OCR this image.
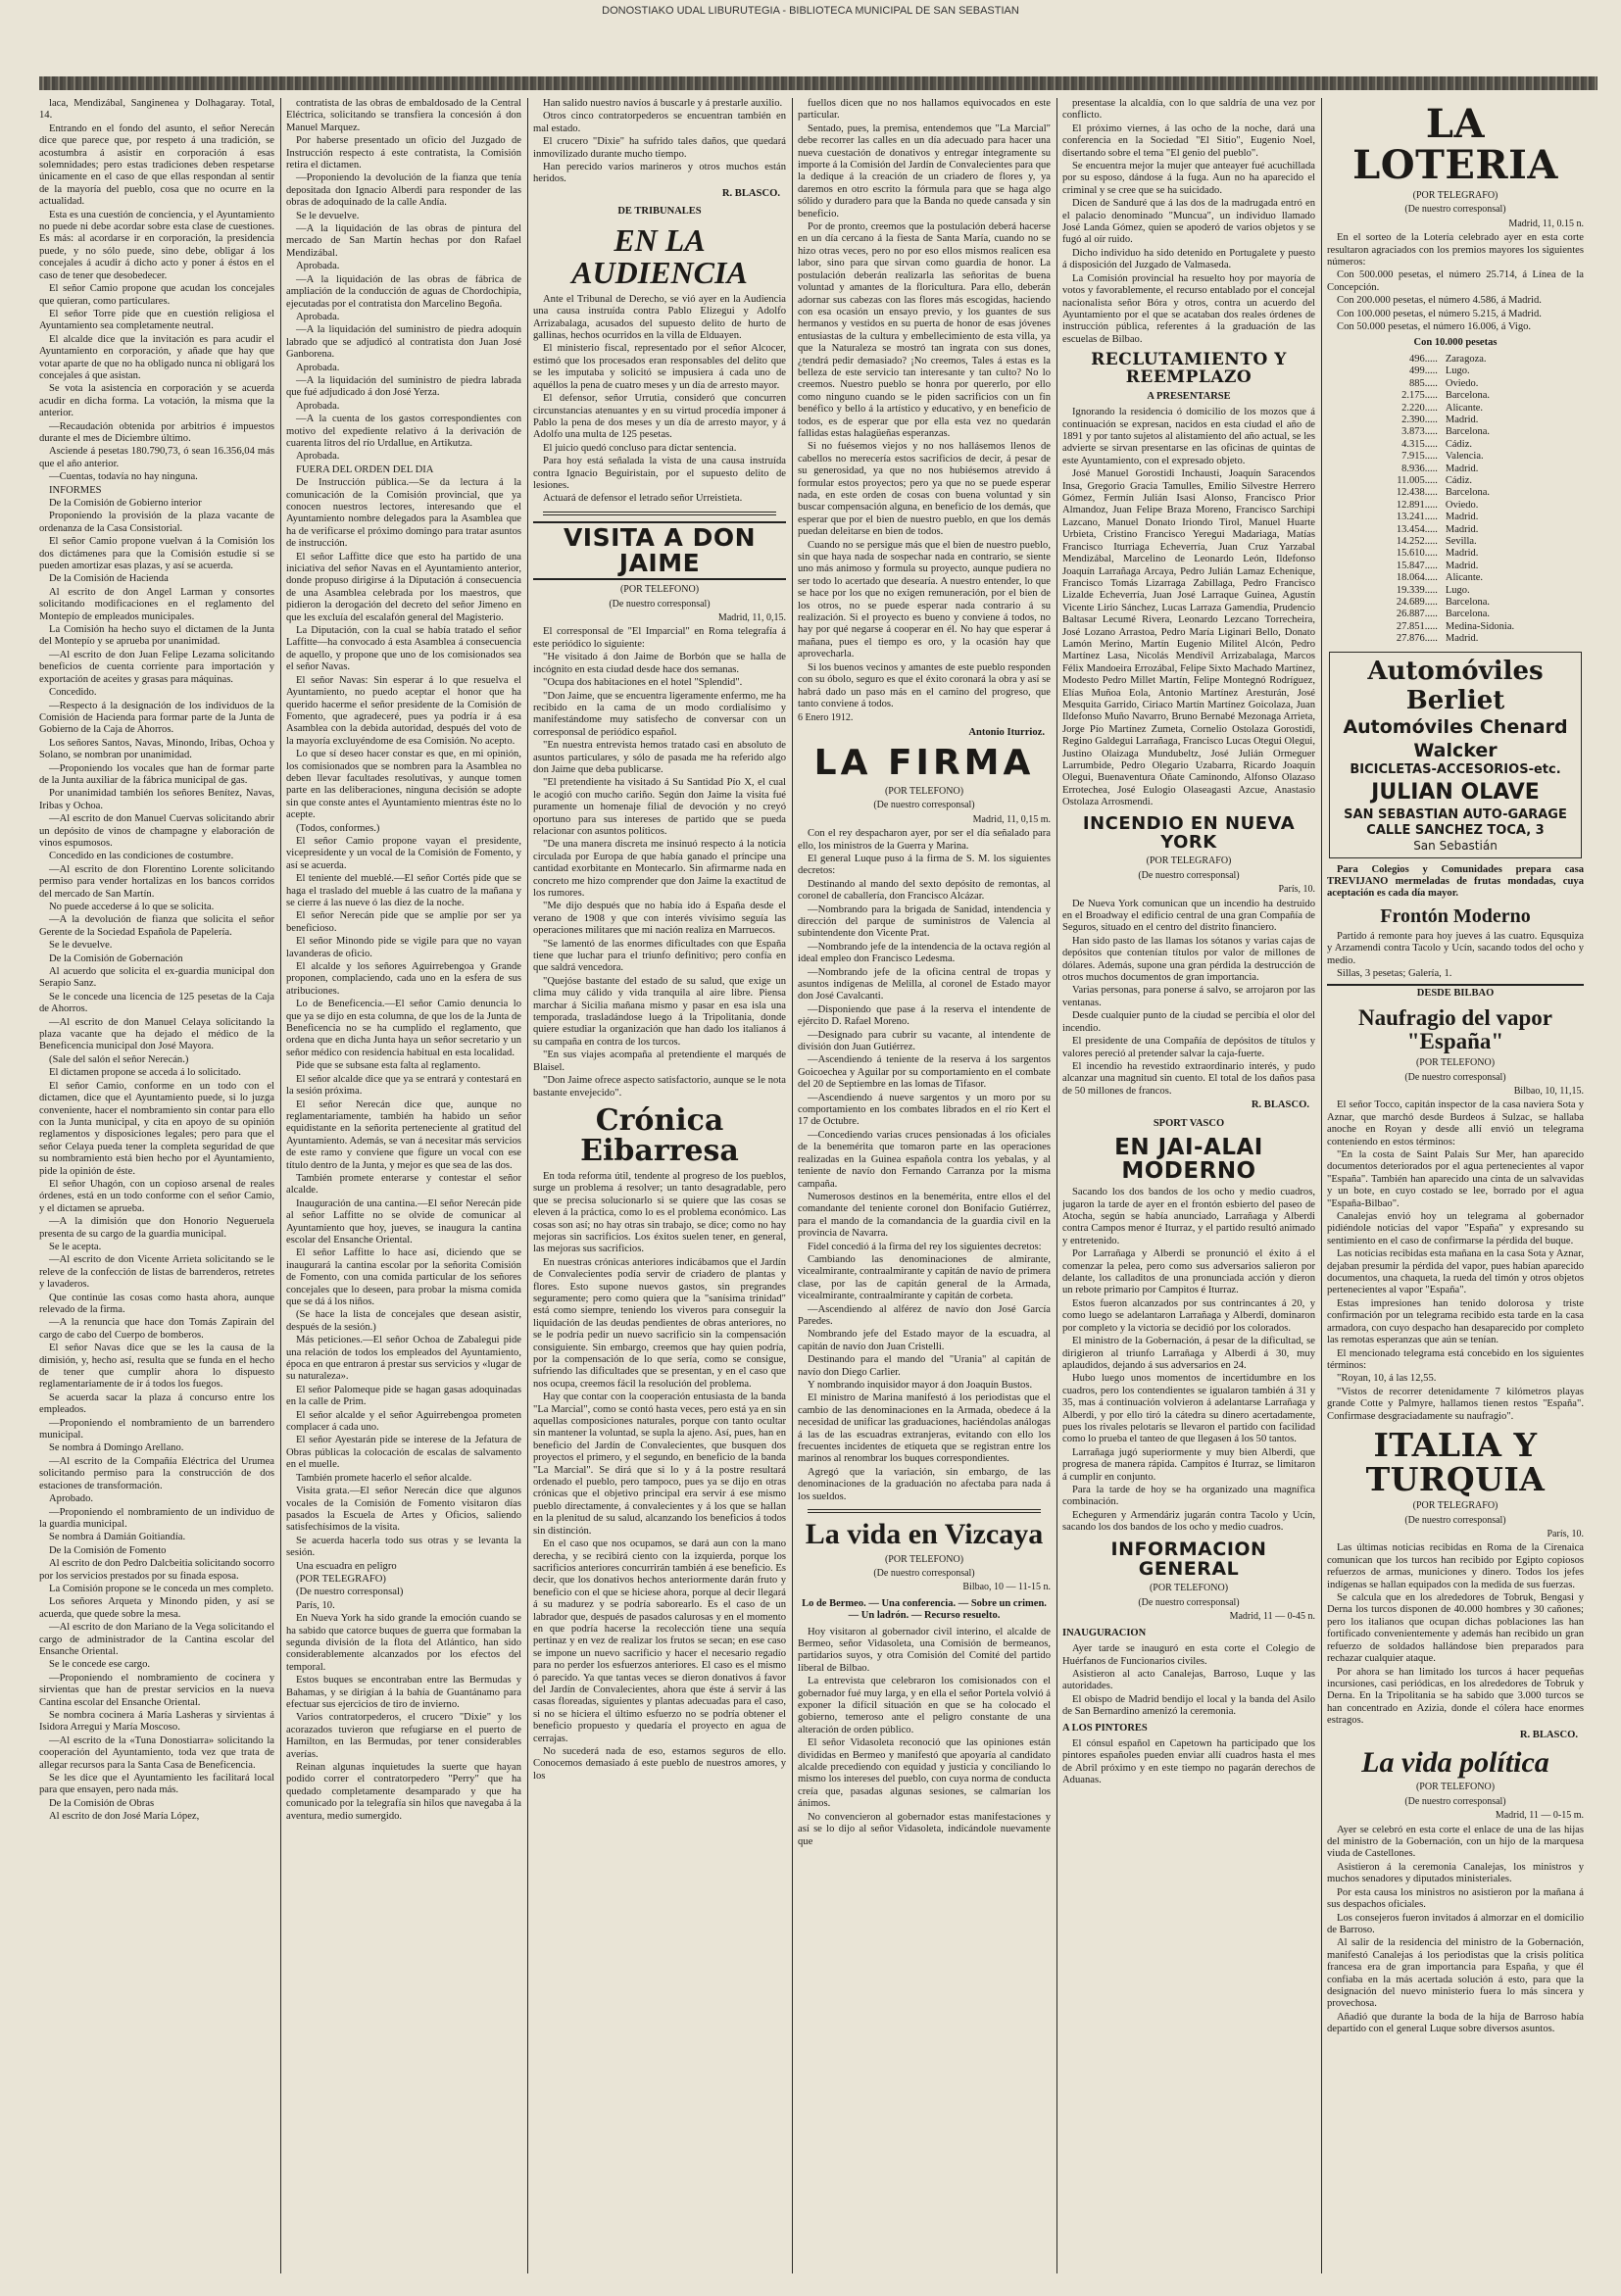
DONOSTIAKO UDAL LIBURUTEGIA - BIBLIOTECA MUNICIPAL DE SAN SEBASTIAN

laca, Mendizábal, Sanginenea y Dolhagaray. Total, 14.

Entrando en el fondo del asunto, el señor Nerecán dice que parece que, por respeto á una tradición, se acostumbra á asistir en corporación á esas solemnidades; pero estas tradiciones deben respetarse únicamente en el caso de que ellas respondan al sentir de la mayoría del pueblo, cosa que no ocurre en la actualidad.

Esta es una cuestión de conciencia, y el Ayuntamiento no puede ni debe acordar sobre esta clase de cuestiones. Es más: al acordarse ir en corporación, la presidencia puede, y no sólo puede, sino debe, obligar á los concejales á acudir á dicho acto y poner á éstos en el caso de tener que desobedecer.

El señor Camio propone que acudan los concejales que quieran, como particulares.

El señor Torre pide que en cuestión religiosa el Ayuntamiento sea completamente neutral.

El alcalde dice que la invitación es para acudir el Ayuntamiento en corporación, y añade que hay que votar aparte de que no ha obligado nunca ni obligará los concejales á que asistan.

Se vota la asistencia en corporación y se acuerda acudir en dicha forma. La votación, la misma que la anterior.

—Recaudación obtenida por arbitrios é impuestos durante el mes de Diciembre último.

Asciende á pesetas 180.790,73, ó sean 16.356,04 más que el año anterior.

—Cuentas, todavía no hay ninguna.

INFORMES

De la Comisión de Gobierno interior

Proponiendo la provisión de la plaza vacante de ordenanza de la Casa Consistorial.

El señor Camio propone vuelvan á la Comisión los dos dictámenes para que la Comisión estudie si se pueden amortizar esas plazas, y así se acuerda.

De la Comisión de Hacienda

Al escrito de don Angel Larman y consortes solicitando modificaciones en el reglamento del Montepío de empleados municipales.

La Comisión ha hecho suyo el dictamen de la Junta del Montepío y se aprueba por unanimidad.

—Al escrito de don Juan Felipe Lezama solicitando beneficios de cuenta corriente para importación y exportación de aceites y grasas para máquinas.

Concedido.

—Respecto á la designación de los individuos de la Comisión de Hacienda para formar parte de la Junta de Gobierno de la Caja de Ahorros.

Los señores Santos, Navas, Minondo, Iribas, Ochoa y Solano, se nombran por unanimidad.

—Proponiendo los vocales que han de formar parte de la Junta auxiliar de la fábrica municipal de gas.

Por unanimidad también los señores Benítez, Navas, Iribas y Ochoa.

—Al escrito de don Manuel Cuervas solicitando abrir un depósito de vinos de champagne y elaboración de vinos espumosos.

Concedido en las condiciones de costumbre.

—Al escrito de don Florentino Lorente solicitando permiso para vender hortalizas en los bancos corridos del mercado de San Martín.

No puede accederse á lo que se solicita.

—A la devolución de fianza que solicita el señor Gerente de la Sociedad Española de Papelería.

Se le devuelve.

De la Comisión de Gobernación

Al acuerdo que solicita el ex-guardia municipal don Serapio Sanz.

Se le concede una licencia de 125 pesetas de la Caja de Ahorros.

—Al escrito de don Manuel Celaya solicitando la plaza vacante que ha dejado el médico de la Beneficencia municipal don José Mayora.

(Sale del salón el señor Nerecán.)

El dictamen propone se acceda á lo solicitado.

El señor Camio, conforme en un todo con el dictamen, dice que el Ayuntamiento puede, si lo juzga conveniente, hacer el nombramiento sin contar para ello con la Junta municipal, y cita en apoyo de su opinión reglamentos y disposiciones legales; pero para que el señor Celaya pueda tener la completa seguridad de que su nombramiento está bien hecho por el Ayuntamiento, pide la opinión de éste.

El señor Uhagón, con un copioso arsenal de reales órdenes, está en un todo conforme con el señor Camio, y el dictamen se aprueba.

—A la dimisión que don Honorio Negueruela presenta de su cargo de la guardia municipal.

Se le acepta.

—Al escrito de don Vicente Arrieta solicitando se le releve de la confección de listas de barrenderos, retretes y lavaderos.

Que continúe las cosas como hasta ahora, aunque relevado de la firma.

—A la renuncia que hace don Tomás Zapirain del cargo de cabo del Cuerpo de bomberos.

El señor Navas dice que se les la causa de la dimisión, y, hecho así, resulta que se funda en el hecho de tener que cumplir ahora lo dispuesto reglamentariamente de ir á todos los fuegos.

Se acuerda sacar la plaza á concurso entre los empleados.

—Proponiendo el nombramiento de un barrendero municipal.

Se nombra á Domingo Arellano.

—Al escrito de la Compañía Eléctrica del Urumea solicitando permiso para la construcción de dos estaciones de transformación.

Aprobado.

—Proponiendo el nombramiento de un individuo de la guardia municipal.

Se nombra á Damián Goitiandía.

De la Comisión de Fomento

Al escrito de don Pedro Dalcbeitia solicitando socorro por los servicios prestados por su finada esposa.

La Comisión propone se le conceda un mes completo.

Los señores Arqueta y Minondo piden, y así se acuerda, que quede sobre la mesa.

—Al escrito de don Mariano de la Vega solicitando el cargo de administrador de la Cantina escolar del Ensanche Oriental.

Se le concede ese cargo.

—Proponiendo el nombramiento de cocinera y sirvientas que han de prestar servicios en la nueva Cantina escolar del Ensanche Oriental.

Se nombra cocinera á María Lasheras y sirvientas á Isidora Arregui y María Moscoso.

—Al escrito de la «Tuna Donostiarra» solicitando la cooperación del Ayuntamiento, toda vez que trata de allegar recursos para la Santa Casa de Beneficencia.

Se les dice que el Ayuntamiento les facilitará local para que ensayen, pero nada más.

De la Comisión de Obras

Al escrito de don José María López,

contratista de las obras de embaldosado de la Central Eléctrica, solicitando se transfiera la concesión á don Manuel Marquez.

Por haberse presentado un oficio del Juzgado de Instrucción respecto á este contratista, la Comisión retira el dictamen.

—Proponiendo la devolución de la fianza que tenía depositada don Ignacio Alberdi para responder de las obras de adoquinado de la calle Andía.

Se le devuelve.

—A la liquidación de las obras de pintura del mercado de San Martín hechas por don Rafael Mendizábal.

Aprobada.

—A la liquidación de las obras de fábrica de ampliación de la conducción de aguas de Chordochipia, ejecutadas por el contratista don Marcelino Begoña.

Aprobada.

—A la liquidación del suministro de piedra adoquín labrado que se adjudicó al contratista don Juan José Ganborena.

Aprobada.

—A la liquidación del suministro de piedra labrada que fué adjudicado á don José Yerza.

Aprobada.

—A la cuenta de los gastos correspondientes con motivo del expediente relativo á la derivación de cuarenta litros del río Urdallue, en Artikutza.

Aprobada.

FUERA DEL ORDEN DEL DIA

De Instrucción pública.—Se da lectura á la comunicación de la Comisión provincial, que ya conocen nuestros lectores, interesando que el Ayuntamiento nombre delegados para la Asamblea que ha de verificarse el próximo domingo para tratar asuntos de instrucción.

El señor Laffitte dice que esto ha partido de una iniciativa del señor Navas en el Ayuntamiento anterior, donde propuso dirigirse á la Diputación á consecuencia de una Asamblea celebrada por los maestros, que pidieron la derogación del decreto del señor Jimeno en que les excluía del escalafón general del Magisterio.

La Diputación, con la cual se había tratado el señor Laffitte—ha convocado á esta Asamblea á consecuencia de aquello, y propone que uno de los comisionados sea el señor Navas.

El señor Navas: Sin esperar á lo que resuelva el Ayuntamiento, no puedo aceptar el honor que ha querido hacerme el señor presidente de la Comisión de Fomento, que agradeceré, pues ya podría ir á esa Asamblea con la debida autoridad, después del voto de la mayoría excluyéndome de esa Comisión. No acepto.

Lo que sí deseo hacer constar es que, en mi opinión, los comisionados que se nombren para la Asamblea no deben llevar facultades resolutivas, y aunque tomen parte en las deliberaciones, ninguna decisión se adopte sin que conste antes el Ayuntamiento mientras éste no lo acepte.

(Todos, conformes.)

El señor Camio propone vayan el presidente, vicepresidente y un vocal de la Comisión de Fomento, y así se acuerda.

El teniente del mueblé.—El señor Cortés pide que se haga el traslado del mueble á las cuatro de la mañana y se cierre á las nueve ó las diez de la noche.

El señor Nerecán pide que se amplíe por ser ya beneficioso.

El señor Minondo pide se vigile para que no vayan lavanderas de oficio.

El alcalde y los señores Aguirrebengoa y Grande proponen, complaciendo, cada uno en la esfera de sus atribuciones.

Lo de Beneficencia.—El señor Camio denuncia lo que ya se dijo en esta columna, de que los de la Junta de Beneficencia no se ha cumplido el reglamento, que ordena que en dicha Junta haya un señor secretario y un señor médico con residencia habitual en esta localidad.

Pide que se subsane esta falta al reglamento.

El señor alcalde dice que ya se entrará y contestará en la sesión próxima.

El señor Nerecán dice que, aunque no reglamentariamente, también ha habido un señor equidistante en la señorita perteneciente al gratitud del Ayuntamiento. Además, se van á necesitar más servicios de este ramo y conviene que figure un vocal con ese título dentro de la Junta, y mejor es que sea de las dos.

También promete enterarse y contestar el señor alcalde.

Inauguración de una cantina.—El señor Nerecán pide al señor Laffitte no se olvide de comunicar al Ayuntamiento que hoy, jueves, se inaugura la cantina escolar del Ensanche Oriental.

El señor Laffitte lo hace así, diciendo que se inaugurará la cantina escolar por la señorita Comisión de Fomento, con una comida particular de los señores concejales que lo deseen, para probar la misma comida que se dá á los niños.

(Se hace la lista de concejales que desean asistir, después de la sesión.)

Más peticiones.—El señor Ochoa de Zabalegui pide una relación de todos los empleados del Ayuntamiento, época en que entraron á prestar sus servicios y «lugar de su naturaleza».

El señor Palomeque pide se hagan gasas adoquinadas en la calle de Prim.

El señor alcalde y el señor Aguirrebengoa prometen complacer á cada uno.

El señor Ayestarán pide se interese de la Jefatura de Obras públicas la colocación de escalas de salvamento en el muelle.

También promete hacerlo el señor alcalde.

Visita grata.—El señor Nerecán dice que algunos vocales de la Comisión de Fomento visitaron días pasados la Escuela de Artes y Oficios, saliendo satisfechísimos de la visita.

Se acuerda hacerla todo sus otras y se levanta la sesión.

Una escuadra en peligro

(POR TELEGRAFO)

(De nuestro corresponsal)

París, 10.

En Nueva York ha sido grande la emoción cuando se ha sabido que catorce buques de guerra que formaban la segunda división de la flota del Atlántico, han sido considerablemente alcanzados por los efectos del temporal.

Estos buques se encontraban entre las Bermudas y Bahamas, y se dirigían á la bahía de Guantánamo para efectuar sus ejercicios de tiro de invierno.

Varios contratorpederos, el crucero "Dixie" y los acorazados tuvieron que refugiarse en el puerto de Hamilton, en las Bermudas, por tener considerables averías.

Reinan algunas inquietudes la suerte que hayan podido correr el contratorpedero "Perry" que ha quedado completamente desamparado y que ha comunicado por la telegrafía sin hilos que navegaba á la aventura, medio sumergido.

Han salido nuestro navíos á buscarle y á prestarle auxilio.

Otros cinco contratorpederos se encuentran también en mal estado.

El crucero "Dixie" ha sufrido tales daños, que quedará inmovilizado durante mucho tiempo.

Han perecido varios marineros y otros muchos están heridos.

R. BLASCO.
DE TRIBUNALES
EN LA AUDIENCIA

Ante el Tribunal de Derecho, se vió ayer en la Audiencia una causa instruída contra Pablo Elizegui y Adolfo Arrizabalaga, acusados del supuesto delito de hurto de gallinas, hechos ocurridos en la villa de Elduayen.

El ministerio fiscal, representado por el señor Alcocer, estimó que los procesados eran responsables del delito que se les imputaba y solicitó se impusiera á cada uno de aquéllos la pena de cuatro meses y un día de arresto mayor.

El defensor, señor Urrutia, consideró que concurren circunstancias atenuantes y en su virtud procedía imponer á Pablo la pena de dos meses y un día de arresto mayor, y á Adolfo una multa de 125 pesetas.

El juicio quedó concluso para dictar sentencia.

Para hoy está señalada la vista de una causa instruída contra Ignacio Beguiristain, por el supuesto delito de lesiones.

Actuará de defensor el letrado señor Urreistieta.

VISITA A DON JAIME
(POR TELEFONO)
(De nuestro corresponsal)
Madrid, 11, 0,15.

El corresponsal de "El Imparcial" en Roma telegrafía á este periódico lo siguiente:

"He visitado á don Jaime de Borbón que se halla de incógnito en esta ciudad desde hace dos semanas.

"Ocupa dos habitaciones en el hotel "Splendid".

"Don Jaime, que se encuentra ligeramente enfermo, me ha recibido en la cama de un modo cordialísimo y manifestándome muy satisfecho de conversar con un corresponsal de periódico español.

"En nuestra entrevista hemos tratado casi en absoluto de asuntos particulares, y sólo de pasada me ha referido algo don Jaime que deba publicarse.

"El pretendiente ha visitado á Su Santidad Pío X, el cual le acogió con mucho cariño. Según don Jaime la visita fué puramente un homenaje filial de devoción y no creyó oportuno para sus intereses de partido que se pueda relacionar con asuntos políticos.

"De una manera discreta me insinuó respecto á la noticia circulada por Europa de que había ganado el príncipe una cantidad exorbitante en Montecarlo. Sin afirmarme nada en concreto me hizo comprender que don Jaime la exactitud de los rumores.

"Me dijo después que no había ido á España desde el verano de 1908 y que con interés vivísimo seguía las operaciones militares que mi nación realiza en Marruecos.

"Se lamentó de las enormes dificultades con que España tiene que luchar para el triunfo definitivo; pero confía en que saldrá vencedora.

"Quejóse bastante del estado de su salud, que exige un clima muy cálido y vida tranquila al aire libre. Piensa marchar á Sicilia mañana mismo y pasar en esa isla una temporada, trasladándose luego á la Tripolitania, donde quiere estudiar la organización que han dado los italianos á su campaña en contra de los turcos.

"En sus viajes acompaña al pretendiente el marqués de Blaisel.

"Don Jaime ofrece aspecto satisfactorio, aunque se le nota bastante envejecido".

Crónica Eibarresa

En toda reforma útil, tendente al progreso de los pueblos, surge un problema á resolver; un tanto desagradable, pero que se precisa solucionarlo si se quiere que las cosas se eleven á la práctica, como lo es el problema económico. Las cosas son así; no hay otras sin trabajo, se dice; como no hay mejoras sin sacrificios. Los éxitos suelen tener, en general, las mejoras sus sacrificios.

En nuestras crónicas anteriores indicábamos que el Jardín de Convalecientes podía servir de criadero de plantas y flores. Esto supone nuevos gastos, sin pregrandes seguramente; pero como quiera que la "sanísima trinidad" está como siempre, teniendo los viveros para conseguir la liquidación de las deudas pendientes de obras anteriores, no se le podría pedir un nuevo sacrificio sin la compensación consiguiente. Sin embargo, creemos que hay quien podría, por la compensación de lo que sería, como se consigue, sufriendo las dificultades que se presentan, y en el caso que nos ocupa, creemos fácil la resolución del problema.

Hay que contar con la cooperación entusiasta de la banda "La Marcial", como se contó hasta veces, pero está ya en sin aquellas composiciones naturales, porque con tanto ocultar sin mantener la voluntad, se supla la ajeno. Así, pues, han en beneficio del Jardín de Convalecientes, que busquen dos proyectos el primero, y el segundo, en beneficio de la banda "La Marcial". Se dirá que si lo y á la postre resultará ordenado el pueblo, pero tampoco, pues ya se dijo en otras crónicas que el objetivo principal era servir á ese mismo pueblo directamente, á convalecientes y á los que se hallan en la plenitud de su salud, alcanzando los beneficios á todos sin distinción.

En el caso que nos ocupamos, se dará aun con la mano derecha, y se recibirá ciento con la izquierda, porque los sacrificios anteriores concurrirán también á ese beneficio. Es decir, que los donativos hechos anteriormente darán fruto y beneficio con el que se hiciese ahora, porque al decir llegará á su madurez y se podría saborearlo. Es el caso de un labrador que, después de pasados calurosas y en el momento en que podría hacerse la recolección tiene una sequía pertinaz y en vez de realizar los frutos se secan; en ese caso se impone un nuevo sacrificio y hacer el necesario regadío para no perder los esfuerzos anteriores. El caso es el mismo ó parecido. Ya que tantas veces se dieron donativos á favor del Jardín de Convalecientes, ahora que éste á servir á las casas floreadas, siguientes y plantas adecuadas para el caso, si no se hiciera el último esfuerzo no se podría obtener el beneficio propuesto y quedaría el proyecto en agua de cerrajas.

No sucederá nada de eso, estamos seguros de ello. Conocemos demasiado á este pueblo de nuestros amores, y los

fuellos dicen que no nos hallamos equivocados en este particular.

Sentado, pues, la premisa, entendemos que "La Marcial" debe recorrer las calles en un día adecuado para hacer una nueva cuestación de donativos y entregar íntegramente su importe á la Comisión del Jardín de Convalecientes para que la dedique á la creación de un criadero de flores y, ya daremos en otro escrito la fórmula para que se haga algo sólido y duradero para que la Banda no quede cansada y sin beneficio.

Por de pronto, creemos que la postulación deberá hacerse en un día cercano á la fiesta de Santa María, cuando no se hizo otras veces, pero no por eso ellos mismos realicen esa labor, sino para que sirvan como guardia de honor. La postulación deberán realizarla las señoritas de buena voluntad y amantes de la floricultura. Para ello, deberán adornar sus cabezas con las flores más escogidas, haciendo con esa ocasión un ensayo previo, y los guantes de sus hermanos y vestidos en su puerta de honor de esas jóvenes entusiastas de la cultura y embellecimiento de esta villa, ya que la Naturaleza se mostró tan ingrata con sus dones, ¿tendrá pedir demasiado? ¡No creemos, Tales á estas es la belleza de este servicio tan interesante y tan culto? No lo creemos. Nuestro pueblo se honra por quererlo, por ello como ninguno cuando se le piden sacrificios con un fin benéfico y bello á la artístico y educativo, y en beneficio de todos, es de esperar que por ella esta vez no quedarán fallidas estas halagüeñas esperanzas.

Si no fuésemos viejos y no nos hallásemos llenos de cabellos no merecería estos sacrificios de decir, á pesar de su generosidad, ya que no nos hubiésemos atrevido á formular estos proyectos; pero ya que no se puede esperar nada, en este orden de cosas con buena voluntad y sin buscar compensación alguna, en beneficio de los demás, que esperar que por el bien de nuestro pueblo, en que los demás puedan deleitarse en bien de todos.

Cuando no se persigue más que el bien de nuestro pueblo, sin que haya nada de sospechar nada en contrario, se siente uno más animoso y formula su proyecto, aunque pudiera no ser todo lo acertado que desearía. A nuestro entender, lo que se hace por los que no exigen remuneración, por el bien de los otros, no se puede esperar nada contrario á su realización. Si el proyecto es bueno y conviene á todos, no hay por qué negarse á cooperar en él. No hay que esperar á mañana, pues el tiempo es oro, y la ocasión hay que aprovecharla.

Si los buenos vecinos y amantes de este pueblo responden con su óbolo, seguro es que el éxito coronará la obra y así se habrá dado un paso más en el camino del progreso, que tanto conviene á todos.

6 Enero 1912.
Antonio Iturrioz.
LA FIRMA
(POR TELEFONO)
(De nuestro corresponsal)
Madrid, 11, 0,15 m.

Con el rey despacharon ayer, por ser el día señalado para ello, los ministros de la Guerra y Marina.

El general Luque puso á la firma de S. M. los siguientes decretos:

Destinando al mando del sexto depósito de remontas, al coronel de caballería, don Francisco Alcázar.

—Nombrando para la brigada de Sanidad, intendencia y dirección del parque de suministros de Valencia al subintendente don Vicente Prat.

—Nombrando jefe de la intendencia de la octava región al ideal empleo don Francisco Ledesma.

—Nombrando jefe de la oficina central de tropas y asuntos indígenas de Melilla, al coronel de Estado mayor don José Cavalcanti.

—Disponiendo que pase á la reserva el intendente de ejército D. Rafael Moreno.

—Designado para cubrir su vacante, al intendente de división don Juan Gutiérrez.

—Ascendiendo á teniente de la reserva á los sargentos Goicoechea y Aguilar por su comportamiento en el combate del 20 de Septiembre en las lomas de Tifasor.

—Ascendiendo á nueve sargentos y un moro por su comportamiento en los combates librados en el río Kert el 17 de Octubre.

—Concediendo varias cruces pensionadas á los oficiales de la benemérita que tomaron parte en las operaciones realizadas en la Guinea española contra los yebalas, y al teniente de navío don Fernando Carranza por la misma campaña.

Numerosos destinos en la benemérita, entre ellos el del comandante del teniente coronel don Bonifacio Gutiérrez, para el mando de la comandancia de la guardia civil en la provincia de Navarra.

Fidel concedió á la firma del rey los siguientes decretos:

Cambiando las denominaciones de almirante, vicealmirante, contraalmirante y capitán de navío de primera clase, por las de capitán general de la Armada, vicealmirante, contraalmirante y capitán de corbeta.

—Ascendiendo al alférez de navío don José García Paredes.

Nombrando jefe del Estado mayor de la escuadra, al capitán de navío don Juan Cristelli.

Destinando para el mando del "Urania" al capitán de navío don Diego Carlier.

Y nombrando inquisidor mayor á don Joaquín Bustos.

El ministro de Marina manifestó á los periodistas que el cambio de las denominaciones en la Armada, obedece á la necesidad de unificar las graduaciones, haciéndolas análogas á las de las escuadras extranjeras, evitando con ello los frecuentes incidentes de etiqueta que se registran entre los marinos al renombrar los buques correspondientes.

Agregó que la variación, sin embargo, de las denominaciones de la graduación no afectaba para nada á los sueldos.

La vida en Vizcaya
(POR TELEFONO)
(De nuestro corresponsal)
Bilbao, 10 — 11-15 n.
Lo de Bermeo. — Una conferencia. — Sobre un crimen. — Un ladrón. — Recurso resuelto.

Hoy visitaron al gobernador civil interino, el alcalde de Bermeo, señor Vidasoleta, una Comisión de bermeanos, partidarios suyos, y otra Comisión del Comité del partido liberal de Bilbao.

La entrevista que celebraron los comisionados con el gobernador fué muy larga, y en ella el señor Portela volvió á exponer la difícil situación en que se ha colocado el gobierno, temeroso ante el peligro constante de una alteración de orden público.

El señor Vidasoleta reconoció que las opiniones están divididas en Bermeo y manifestó que apoyaría al candidato alcalde precediendo con equidad y justicia y conciliando lo mismo los intereses del pueblo, con cuya norma de conducta creía que, pasadas algunas sesiones, se calmarían los ánimos.

No convencieron al gobernador estas manifestaciones y así se lo dijo al señor Vidasoleta, indicándole nuevamente que

presentase la alcaldía, con lo que saldría de una vez por conflicto.

El próximo viernes, á las ocho de la noche, dará una conferencia en la Sociedad "El Sitio", Eugenio Noel, disertando sobre el tema "El genio del pueblo".

Se encuentra mejor la mujer que anteayer fué acuchillada por su esposo, dándose á la fuga. Aun no ha aparecido el criminal y se cree que se ha suicidado.

Dicen de Sanduré que á las dos de la madrugada entró en el palacio denominado "Muncua", un individuo llamado José Landa Gómez, quien se apoderó de varios objetos y se fugó al oír ruido.

Dicho individuo ha sido detenido en Portugalete y puesto á disposición del Juzgado de Valmaseda.

La Comisión provincial ha resuelto hoy por mayoría de votos y favorablemente, el recurso entablado por el concejal nacionalista señor Bóra y otros, contra un acuerdo del Ayuntamiento por el que se acataban dos reales órdenes de instrucción pública, referentes á la graduación de las escuelas de Bilbao.

RECLUTAMIENTO Y REEMPLAZO
A PRESENTARSE

Ignorando la residencia ó domicilio de los mozos que á continuación se expresan, nacidos en esta ciudad el año de 1891 y por tanto sujetos al alistamiento del año actual, se les advierte se sirvan presentarse en las oficinas de quintas de este Ayuntamiento, con el expresado objeto.

José Manuel Gorostidi Inchausti, Joaquín Saracendos Insa, Gregorio Gracia Tamulles, Emilio Silvestre Herrero Gómez, Fermín Julián Isasi Alonso, Francisco Prior Almandoz, Juan Felipe Braza Moreno, Francisco Sarchipi Lazcano, Manuel Donato Iriondo Tirol, Manuel Huarte Urbieta, Cristino Francisco Yeregui Madariaga, Matías Francisco Iturriaga Echeverría, Juan Cruz Yarzabal Mendizábal, Marcelino de Leonardo León, Ildefonso Joaquín Larrañaga Arcaya, Pedro Julián Lamaz Echenique, Francisco Tomás Lizarraga Zabillaga, Pedro Francisco Lizalde Echeverría, Juan José Larraque Guinea, Agustín Vicente Lirio Sánchez, Lucas Larraza Gamendia, Prudencio Baltasar Lecumé Rivera, Leonardo Lezcano Torrecheira, José Lozano Arrastoa, Pedro María Liginari Bello, Donato Lamón Merino, Martín Eugenio Militel Alcón, Pedro Martínez Lasa, Nicolás Mendívil Arrizabalaga, Marcos Félix Mandoeira Errozábal, Felipe Sixto Machado Martínez, Modesto Pedro Millet Martín, Felipe Montegnó Rodríguez, Elías Muñoa Eola, Antonio Martínez Aresturán, José Mesquita Garrido, Ciriaco Martín Martínez Goicolaza, Juan Ildefonso Muño Navarro, Bruno Bernabé Mezonaga Arrieta, Jorge Pío Martínez Zumeta, Cornelio Ostolaza Gorostidi, Regino Galdegui Larrañaga, Francisco Lucas Otegui Olegui, Justino Olaizaga Mundubeltz, José Julián Ormeguer Larrumbide, Pedro Olegario Uzabarra, Ricardo Joaquín Olegui, Buenaventura Oñate Caminondo, Alfonso Olazaso Errotechea, José Eulogio Olaseagasti Azcue, Anastasio Ostolaza Arrosmendi.

INCENDIO EN NUEVA YORK
(POR TELEGRAFO)
(De nuestro corresponsal)
París, 10.

De Nueva York comunican que un incendio ha destruido en el Broadway el edificio central de una gran Compañía de Seguros, situado en el centro del distrito financiero.

Han sido pasto de las llamas los sótanos y varias cajas de depósitos que contenían títulos por valor de millones de dólares. Además, supone una gran pérdida la destrucción de otros muchos documentos de gran importancia.

Varias personas, para ponerse á salvo, se arrojaron por las ventanas.

Desde cualquier punto de la ciudad se percibía el olor del incendio.

El presidente de una Compañía de depósitos de títulos y valores pereció al pretender salvar la caja-fuerte.

El incendio ha revestido extraordinario interés, y pudo alcanzar una magnitud sin cuento. El total de los daños pasa de 50 millones de francos.

R. BLASCO.
SPORT VASCO
EN JAI-ALAI MODERNO

Sacando los dos bandos de los ocho y medio cuadros, jugaron la tarde de ayer en el frontón esbierto del paseo de Atocha, según se había anunciado, Larrañaga y Alberdi contra Campos menor é Iturraz, y el partido resultó animado y entretenido.

Por Larrañaga y Alberdi se pronunció el éxito á el comenzar la pelea, pero como sus adversarios salieron por delante, los calladitos de una pronunciada acción y dieron un rebote primario por Campitos é Iturraz.

Estos fueron alcanzados por sus contrincantes á 20, y como luego se adelantaron Larrañaga y Alberdi, dominaron por completo y la victoria se decidió por los colorados.

El ministro de la Gobernación, á pesar de la dificultad, se dirigieron al triunfo Larrañaga y Alberdi á 30, muy aplaudidos, dejando á sus adversarios en 24.

Hubo luego unos momentos de incertidumbre en los cuadros, pero los contendientes se igualaron también á 31 y 35, mas á continuación volvieron á adelantarse Larrañaga y Alberdi, y por ello tiró la cátedra su dinero acertadamente, pues los rivales pelotaris se llevaron el partido con facilidad como lo prueba el tanteo de que llegasen á los 50 tantos.

Larrañaga jugó superiormente y muy bien Alberdi, que progresa de manera rápida. Campitos é Iturraz, se limitaron á cumplir en conjunto.

Para la tarde de hoy se ha organizado una magnífica combinación.

Echeguren y Armendáriz jugarán contra Tacolo y Ucín, sacando los dos bandos de los ocho y medio cuadros.

INFORMACION GENERAL
(POR TELEFONO)
(De nuestro corresponsal)
Madrid, 11 — 0-45 n.
INAUGURACION

Ayer tarde se inauguró en esta corte el Colegio de Huérfanos de Funcionarios civiles.

Asistieron al acto Canalejas, Barroso, Luque y las autoridades.

El obispo de Madrid bendijo el local y la banda del Asilo de San Bernardino amenizó la ceremonia.

A LOS PINTORES

El cónsul español en Capetown ha participado que los pintores españoles pueden enviar allí cuadros hasta el mes de Abril próximo y en este tiempo no pagarán derechos de Aduanas.

LA LOTERIA
(POR TELEGRAFO)
(De nuestro corresponsal)
Madrid, 11, 0.15 n.

En el sorteo de la Lotería celebrado ayer en esta corte resultaron agraciados con los premios mayores los siguientes números:

Con 500.000 pesetas, el número 25.714, á Línea de la Concepción.

Con 200.000 pesetas, el número 4.586, á Madrid.

Con 100.000 pesetas, el número 5.215, á Madrid.

Con 50.000 pesetas, el número 16.006, á Vigo.

Con 10.000 pesetas
496.....	Zaragoza.
499.....	Lugo.
885.....	Oviedo.
2.175.....	Barcelona.
2.220.....	Alicante.
2.390.....	Madrid.
3.873.....	Barcelona.
4.315.....	Cádiz.
7.915.....	Valencia.
8.936.....	Madrid.
11.005.....	Cádiz.
12.438.....	Barcelona.
12.891.....	Oviedo.
13.241.....	Madrid.
13.454.....	Madrid.
14.252.....	Sevilla.
15.610.....	Madrid.
15.847.....	Madrid.
18.064.....	Alicante.
19.339.....	Lugo.
24.689.....	Barcelona.
26.887.....	Barcelona.
27.851.....	Medina-Sidonia.
27.876.....	Madrid.
Automóviles Berliet
Automóviles Chenard Walcker
BICICLETAS-ACCESORIOS-etc.
JULIAN OLAVE
SAN SEBASTIAN AUTO-GARAGE
CALLE SANCHEZ TOCA, 3
San Sebastián

Para Colegios y Comunidades prepara casa TREVIJANO mermeladas de frutas mondadas, cuya aceptación es cada día mayor.

Frontón Moderno

Partido á remonte para hoy jueves á las cuatro. Equsquiza y Arzamendi contra Tacolo y Ucín, sacando todos del ocho y medio.

Sillas, 3 pesetas; Galería, 1.

DESDE BILBAO
Naufragio del vapor "España"
(POR TELEFONO)
(De nuestro corresponsal)
Bilbao, 10, 11,15.

El señor Tocco, capitán inspector de la casa naviera Sota y Aznar, que marchó desde Burdeos á Sulzac, se hallaba anoche en Royan y desde allí envió un telegrama conteniendo en estos términos:

"En la costa de Saint Palais Sur Mer, han aparecido documentos deteriorados por el agua pertenecientes al vapor "España". También han aparecido una cinta de un salvavidas y un bote, en cuyo costado se lee, borrado por el agua "España-Bilbao".

Canalejas envió hoy un telegrama al gobernador pidiéndole noticias del vapor "España" y expresando su sentimiento en el caso de confirmarse la pérdida del buque.

Las noticias recibidas esta mañana en la casa Sota y Aznar, dejaban presumir la pérdida del vapor, pues habían aparecido documentos, una chaqueta, la rueda del timón y otros objetos pertenecientes al vapor "España".

Estas impresiones han tenido dolorosa y triste confirmación por un telegrama recibido esta tarde en la casa armadora, con cuyo despacho han desaparecido por completo las remotas esperanzas que aún se tenían.

El mencionado telegrama está concebido en los siguientes términos:

"Royan, 10, á las 12,55.

"Vistos de recorrer detenidamente 7 kilómetros playas grande Cotte y Palmyre, hallamos tienen restos "España". Confirmase desgraciadamente su naufragio".

ITALIA Y TURQUIA
(POR TELEGRAFO)
(De nuestro corresponsal)
París, 10.

Las últimas noticias recibidas en Roma de la Cirenaica comunican que los turcos han recibido por Egipto copiosos refuerzos de armas, municiones y dinero. Todos los jefes indígenas se hallan equipados con la medida de sus fuerzas.

Se calcula que en los alrededores de Tobruk, Bengasi y Derna los turcos disponen de 40.000 hombres y 30 cañones; pero los italianos que ocupan dichas poblaciones las han fortificado convenientemente y además han recibido un gran refuerzo de soldados hallándose bien preparados para rechazar cualquier ataque.

Por ahora se han limitado los turcos á hacer pequeñas incursiones, casi periódicas, en los alrededores de Tobruk y Derna. En la Tripolitania se ha sabido que 3.000 turcos se han concentrado en Azizia, donde el cólera hace enormes estragos.

R. BLASCO.
La vida política
(POR TELEFONO)
(De nuestro corresponsal)
Madrid, 11 — 0-15 m.

Ayer se celebró en esta corte el enlace de una de las hijas del ministro de la Gobernación, con un hijo de la marquesa viuda de Castellones.

Asistieron á la ceremonia Canalejas, los ministros y muchos senadores y diputados ministeriales.

Por esta causa los ministros no asistieron por la mañana á sus despachos oficiales.

Los consejeros fueron invitados á almorzar en el domicilio de Barroso.

Al salir de la residencia del ministro de la Gobernación, manifestó Canalejas á los periodistas que la crisis política francesa era de gran importancia para España, y que él confiaba en la más acertada solución á esto, para que la designación del nuevo ministerio fuera lo más sincera y provechosa.

Añadió que durante la boda de la hija de Barroso había departido con el general Luque sobre diversos asuntos.
